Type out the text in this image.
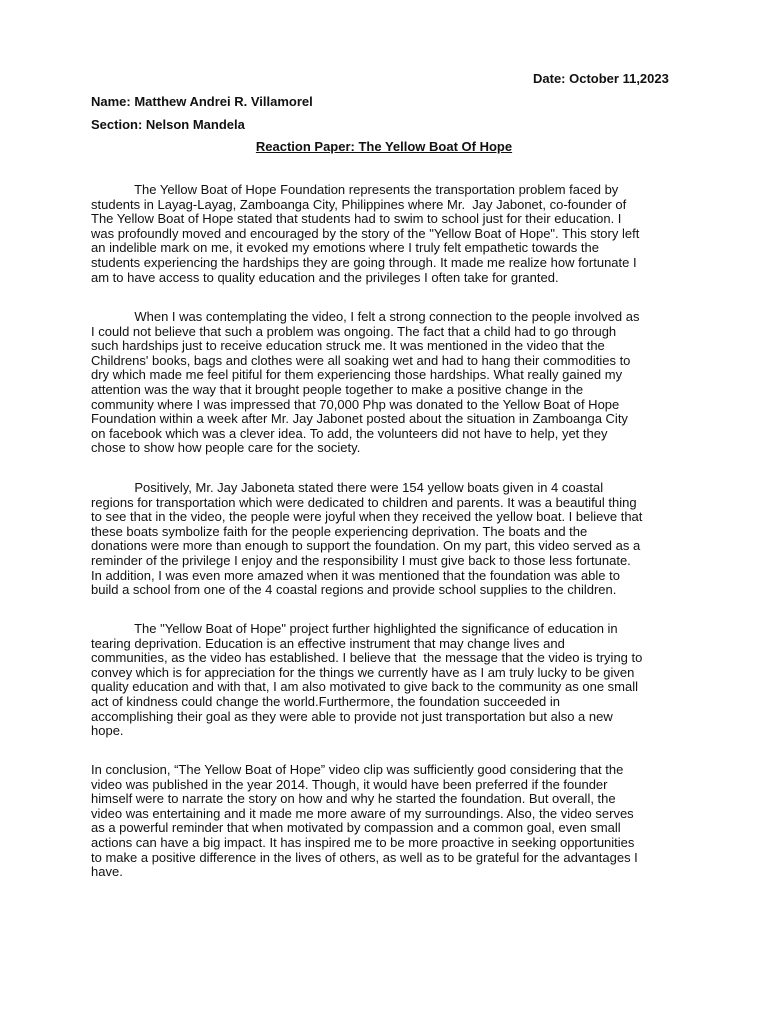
Date: October 11,2023
Name: Matthew Andrei R. Villamorel
Section: Nelson Mandela
Reaction Paper: The Yellow Boat Of Hope
The Yellow Boat of Hope Foundation represents the transportation problem faced by
students in Layag-Layag, Zamboanga City, Philippines where Mr.  Jay Jabonet, co-founder of
The Yellow Boat of Hope stated that students had to swim to school just for their education. I
was profoundly moved and encouraged by the story of the "Yellow Boat of Hope". This story left
an indelible mark on me, it evoked my emotions where I truly felt empathetic towards the
students experiencing the hardships they are going through. It made me realize how fortunate I
am to have access to quality education and the privileges I often take for granted.
When I was contemplating the video, I felt a strong connection to the people involved as
I could not believe that such a problem was ongoing. The fact that a child had to go through
such hardships just to receive education struck me. It was mentioned in the video that the
Childrens' books, bags and clothes were all soaking wet and had to hang their commodities to
dry which made me feel pitiful for them experiencing those hardships. What really gained my
attention was the way that it brought people together to make a positive change in the
community where I was impressed that 70,000 Php was donated to the Yellow Boat of Hope
Foundation within a week after Mr. Jay Jabonet posted about the situation in Zamboanga City
on facebook which was a clever idea. To add, the volunteers did not have to help, yet they
chose to show how people care for the society.
Positively, Mr. Jay Jaboneta stated there were 154 yellow boats given in 4 coastal
regions for transportation which were dedicated to children and parents. It was a beautiful thing
to see that in the video, the people were joyful when they received the yellow boat. I believe that
these boats symbolize faith for the people experiencing deprivation. The boats and the
donations were more than enough to support the foundation. On my part, this video served as a
reminder of the privilege I enjoy and the responsibility I must give back to those less fortunate.
In addition, I was even more amazed when it was mentioned that the foundation was able to
build a school from one of the 4 coastal regions and provide school supplies to the children.
The "Yellow Boat of Hope" project further highlighted the significance of education in
tearing deprivation. Education is an effective instrument that may change lives and
communities, as the video has established. I believe that  the message that the video is trying to
convey which is for appreciation for the things we currently have as I am truly lucky to be given
quality education and with that, I am also motivated to give back to the community as one small
act of kindness could change the world.Furthermore, the foundation succeeded in
accomplishing their goal as they were able to provide not just transportation but also a new
hope.
In conclusion, “The Yellow Boat of Hope” video clip was sufficiently good considering that the
video was published in the year 2014. Though, it would have been preferred if the founder
himself were to narrate the story on how and why he started the foundation. But overall, the
video was entertaining and it made me more aware of my surroundings. Also, the video serves
as a powerful reminder that when motivated by compassion and a common goal, even small
actions can have a big impact. It has inspired me to be more proactive in seeking opportunities
to make a positive difference in the lives of others, as well as to be grateful for the advantages I
have.
